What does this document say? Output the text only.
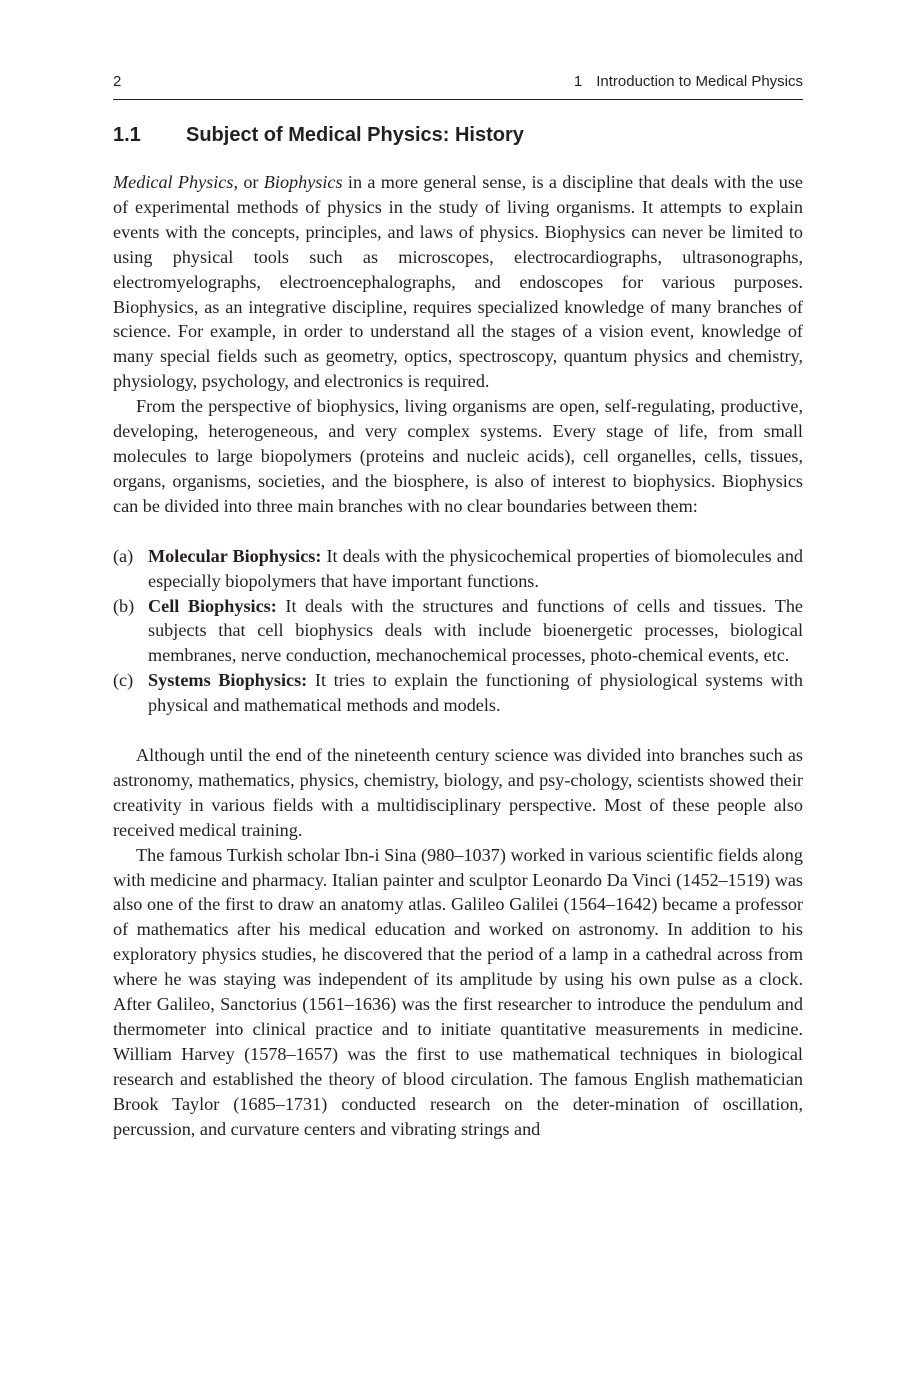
2	1 Introduction to Medical Physics
1.1	Subject of Medical Physics: History

Medical Physics, or Biophysics in a more general sense, is a discipline that deals with the use of experimental methods of physics in the study of living organisms. It attempts to explain events with the concepts, principles, and laws of physics. Biophysics can never be limited to using physical tools such as microscopes, electrocardiographs, ultrasonographs, electromyelographs, electroencephalographs, and endoscopes for various purposes. Biophysics, as an integrative discipline, requires specialized knowledge of many branches of science. For example, in order to understand all the stages of a vision event, knowledge of many special fields such as geometry, optics, spectroscopy, quantum physics and chemistry, physiology, psychology, and electronics is required.

From the perspective of biophysics, living organisms are open, self-regulating, productive, developing, heterogeneous, and very complex systems. Every stage of life, from small molecules to large biopolymers (proteins and nucleic acids), cell organelles, cells, tissues, organs, organisms, societies, and the biosphere, is also of interest to biophysics. Biophysics can be divided into three main branches with no clear boundaries between them:

(a) Molecular Biophysics: It deals with the physicochemical properties of biomolecules and especially biopolymers that have important functions.
(b) Cell Biophysics: It deals with the structures and functions of cells and tissues. The subjects that cell biophysics deals with include bioenergetic processes, biological membranes, nerve conduction, mechanochemical processes, photo-chemical events, etc.
(c) Systems Biophysics: It tries to explain the functioning of physiological systems with physical and mathematical methods and models.

Although until the end of the nineteenth century science was divided into branches such as astronomy, mathematics, physics, chemistry, biology, and psy-chology, scientists showed their creativity in various fields with a multidisciplinary perspective. Most of these people also received medical training.

The famous Turkish scholar Ibn-i Sina (980–1037) worked in various scientific fields along with medicine and pharmacy. Italian painter and sculptor Leonardo Da Vinci (1452–1519) was also one of the first to draw an anatomy atlas. Galileo Galilei (1564–1642) became a professor of mathematics after his medical education and worked on astronomy. In addition to his exploratory physics studies, he discovered that the period of a lamp in a cathedral across from where he was staying was independent of its amplitude by using his own pulse as a clock. After Galileo, Sanctorius (1561–1636) was the first researcher to introduce the pendulum and thermometer into clinical practice and to initiate quantitative measurements in medicine. William Harvey (1578–1657) was the first to use mathematical techniques in biological research and established the theory of blood circulation. The famous English mathematician Brook Taylor (1685–1731) conducted research on the deter-mination of oscillation, percussion, and curvature centers and vibrating strings and
